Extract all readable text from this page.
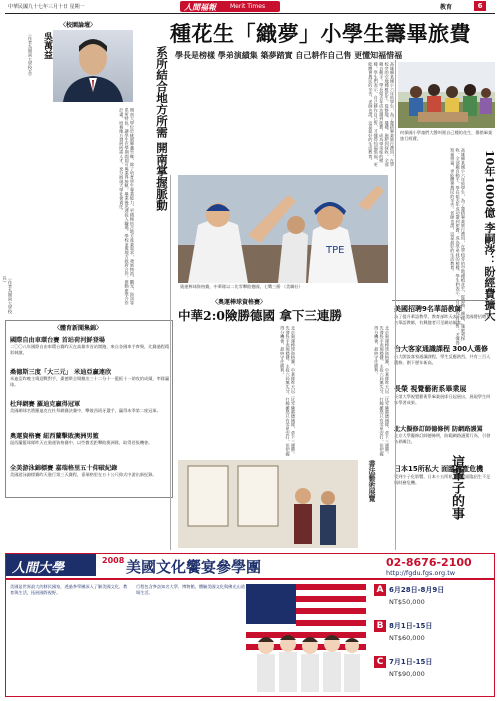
中華民國九十七年三月十日 星期一	人間福報 Merit Times	教育	6
種花生「織夢」小學生籌畢旅費
學長是榜樣 學弟演績集 築夢踏實 自己耕作自己售 更懂知福惜福
〈校園論壇〉
吳萬益
（作者為開南大學校長）	系所結合地方所需 開南掌握脈動
開南大學位於桃園縣蘆竹鄉，除了培育學生專業能力，更積極結合地方產業需求，發展物流、觀光、資訊等系所特色，讓學生在學期間即可與業界接軌，畢業後迅速投入職場。學校並與地方政府合作，推動產學合作計畫，培養地方發展所需人才，充分展現大學社會責任。
（作者為開南大學校長）
高雄縣某國小六年級學生，為了籌措畢業旅行費用，在學校旁的空地種植花生，從整地、播種、施肥到採收，全部親自動手。學長姐去年成功籌到旅費，成為學弟妹的榜樣。學生們表示，自己耕作自己售，才懂得知福惜福，更能體會農民的辛苦。老師也說，這是最好的生活教育。	何保國小學童們大聲叫賣自己種的花生，籌措畢業旅行經費。
10年1000億 李嗣涔：盼經費擴大
高雄縣某國小六年級學生，為了籌措畢業旅行費用，在學校旁的空地種植花生，從整地、播種、施肥到採收，全部親自動手。學長姐去年成功籌到旅費，成為學弟妹的榜樣。學生們表示，自己耕作自己售，才懂得知福惜福，更能體會農民的辛苦。老師也說，這是最好的生活教育。
TPE
奧運棒球資格賽，中華隊以二比零擊敗德國，七戰三勝 （美聯社）
〈奧運棒球資格賽〉
中華2:0險勝德國 拿下三連勝
北京奧運棒球資格賽，中華隊昨天以二比零險勝德國隊，拿下三連勝。先發投手表現穩健，主投六局無失分，打線雖然只有零星安打，但把握得分機會，最終守住勝利。
〈體育新聞集錦〉
國際自由車環台賽 首站荷河鮮登場
二〇〇八年國際自由車環台賽昨天在高雄市首站開跑，來自各國車手齊聚，比賽過程精彩刺激。
桑德斯三度「大三元」 米迪亞贏連欣
米迪亞昨晚主場迎戰對手，桑德斯全場繳出三十二分十一籃板十一助攻的成績，率隊贏球。
杜拜網賽 羅迪克贏得冠軍
美國網球名將羅迪克在杜拜網賽決賽中，擊敗西班牙選手，贏得本季第二座冠軍。
奧運資格賽 紐西蘭擊敗澳洲男籃
紐西蘭籃球隊昨天在奧運資格賽中，以些微差距擊敗澳洲隊，取得晉級機會。
全美游泳錦標賽 嘉瑞格里五十仰破紀錄
美國游泳錦標賽昨天進行第三天賽程，嘉瑞格里在五十公尺仰式中游出新紀錄。
北京奧運棒球資格賽，中華隊昨天以二比零險勝德國隊，拿下三連勝。先發投手表現穩健，主投六局無失分，打線雖然只有零星安打，但把握得分機會，最終守住勝利。
這輩子的事
書法藝術展覽
美國招聘9名華語教師
為了提升華語教學，教育部昨天表示，美國將招聘九名華語教師，有興趣者可至網站報名。
台大客家通識課程 300人選修
台大開設客家通識課程，學生反應熱烈，共有三百人選修，創下歷年新高。
長榮 視覺藝術系畢業展
長榮大學視覺藝術系畢業展即日起展出，展現學生四年學習成果。
北大擬修訂師德條例 防網路謾罵
北京大學擬修訂師德條例，防範網路謾罵行為，引發各界關注。
日本15所私大 面臨破產危機
受到少子化影響，日本十五所私立大學面臨招生不足與財務危機。
人間大學
2008 美國文化饗宴參學團	02-8676-2100
http://fgdu.fgs.org.tw
美國是世界最大的移民國家，透過參學團深入了解美國文化、教育與生活，拓展國際視野。
行程包含參訪知名大學、博物館，體驗美國文化與佛光山道場生活。	A 6月28日-8月9日
NT$50,000
B 8月1日-15日
NT$60,000
C 7月1日-15日
NT$90,000
